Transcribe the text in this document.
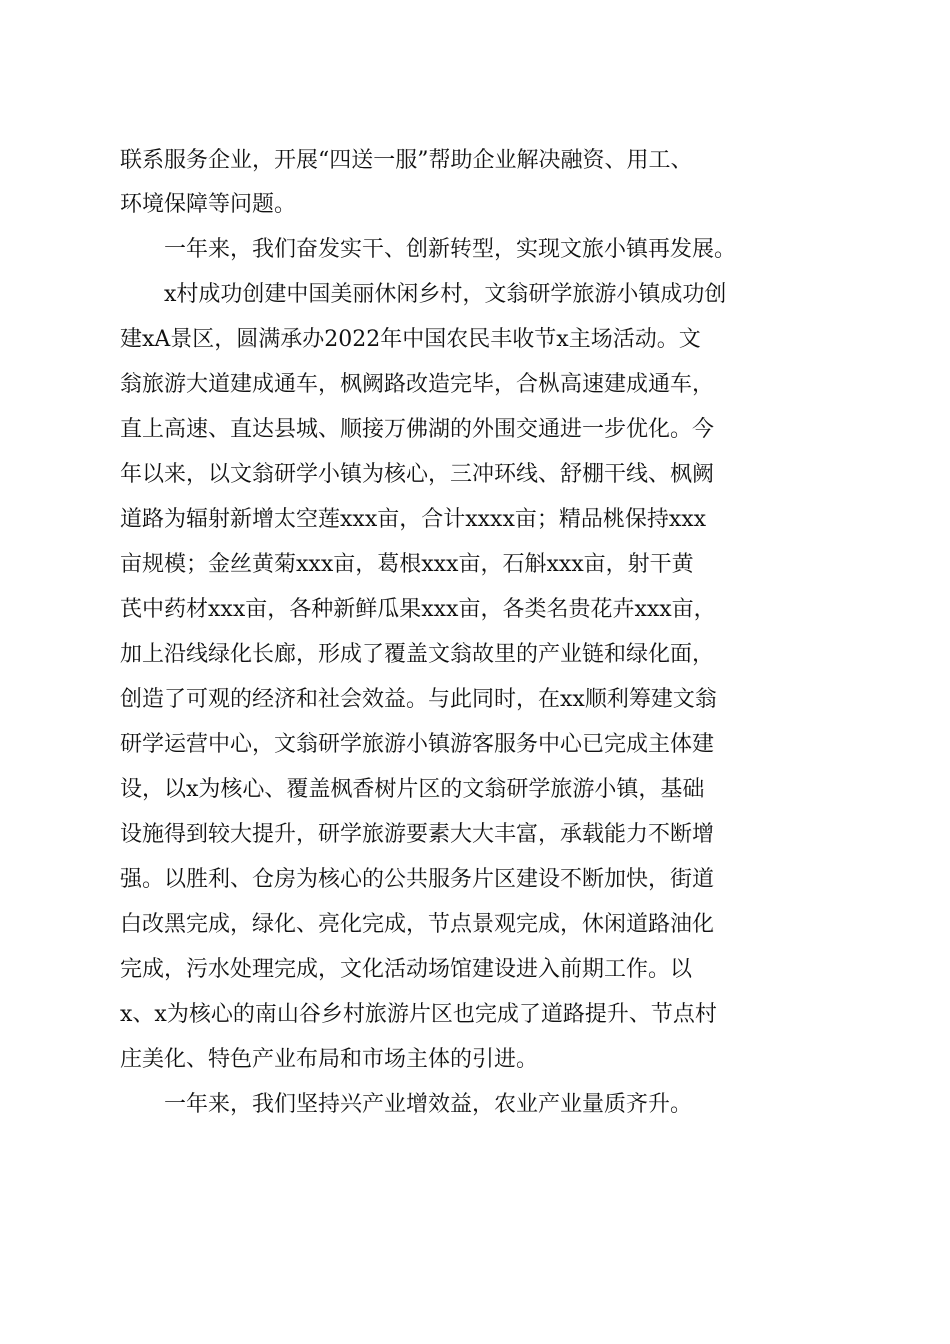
联系服务企业，开展“四送一服”帮助企业解决融资、用工、
环境保障等问题。
一年来，我们奋发实干、创新转型，实现文旅小镇再发展。
x村成功创建中国美丽休闲乡村，文翁研学旅游小镇成功创
建xA景区，圆满承办2022年中国农民丰收节x主场活动。文
翁旅游大道建成通车，枫阙路改造完毕，合枞高速建成通车，
直上高速、直达县城、顺接万佛湖的外围交通进一步优化。今
年以来，以文翁研学小镇为核心，三冲环线、舒棚干线、枫阙
道路为辐射新增太空莲xxx亩，合计xxxx亩；精品桃保持xxx
亩规模；金丝黄菊xxx亩，葛根xxx亩，石斛xxx亩，射干黄
芪中药材xxx亩，各种新鲜瓜果xxx亩，各类名贵花卉xxx亩，
加上沿线绿化长廊，形成了覆盖文翁故里的产业链和绿化面，
创造了可观的经济和社会效益。与此同时，在xx顺利筹建文翁
研学运营中心，文翁研学旅游小镇游客服务中心已完成主体建
设，以x为核心、覆盖枫香树片区的文翁研学旅游小镇，基础
设施得到较大提升，研学旅游要素大大丰富，承载能力不断增
强。以胜利、仓房为核心的公共服务片区建设不断加快，街道
白改黑完成，绿化、亮化完成，节点景观完成，休闲道路油化
完成，污水处理完成，文化活动场馆建设进入前期工作。以
x、x为核心的南山谷乡村旅游片区也完成了道路提升、节点村
庄美化、特色产业布局和市场主体的引进。
一年来，我们坚持兴产业增效益，农业产业量质齐升。
